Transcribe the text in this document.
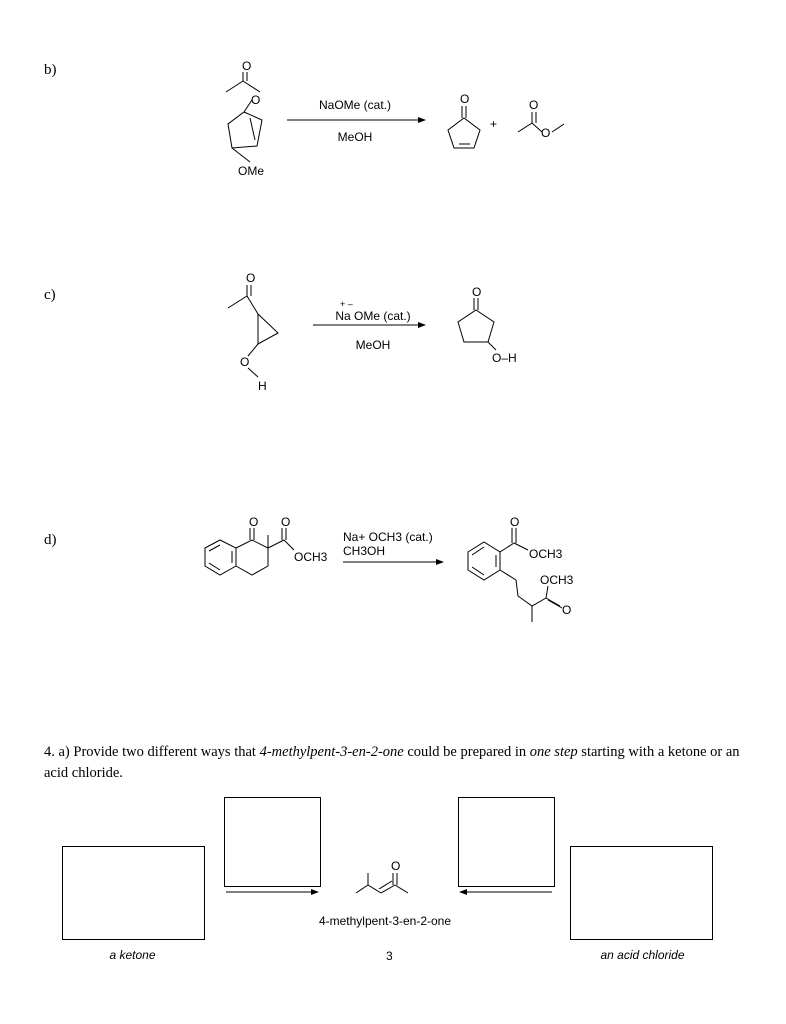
b)
c)
d)
NaOMe (cat.)
MeOH
+ –
Na OMe (cat.)
MeOH
Na+ OCH3 (cat.)
CH3OH
4. a) Provide two different ways that 4-methylpent-3-en-2-one could be prepared in one step starting with a ketone or an acid chloride.
a ketone	an acid chloride
4-methylpent-3-en-2-one
3
O
O	O	O
O
O
O
O
O O
OCH3
O
OCH3
OCH3
O
O
OMe
+
H
O–H
